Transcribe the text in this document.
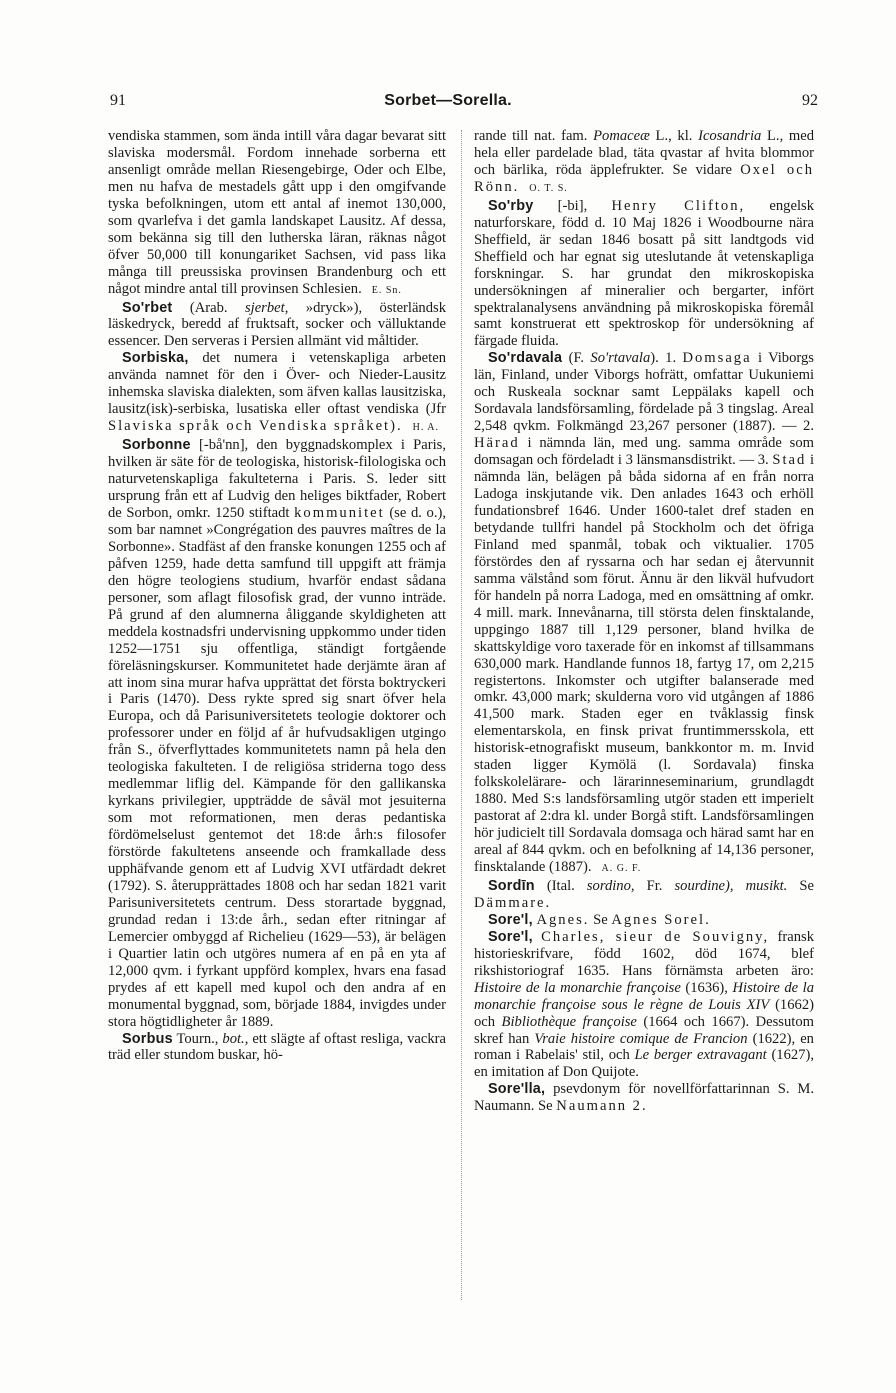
91	Sorbet—Sorella.	92

vendiska stammen, som ända intill våra dagar bevarat sitt slaviska modersmål. Fordom innehade sorberna ett ansenligt område mellan Riesengebirge, Oder och Elbe, men nu hafva de mestadels gått upp i den omgifvande tyska befolkningen, utom ett antal af inemot 130,000, som qvarlefva i det gamla landskapet Lausitz. Af dessa, som bekänna sig till den lutherska läran, räknas något öfver 50,000 till konungariket Sachsen, vid pass lika många till preussiska provinsen Brandenburg och ett något mindre antal till provinsen Schlesien. E. Sn.

So'rbet (Arab. sjerbet, »dryck»), österländsk läskedryck, beredd af fruktsaft, socker och välluktande essencer. Den serveras i Persien allmänt vid måltider.

Sorbiska, det numera i vetenskapliga arbeten använda namnet för den i Över- och Nieder-Lausitz inhemska slaviska dialekten, som äfven kallas lausitziska, lausitz(isk)-serbiska, lusatiska eller oftast vendiska (Jfr Slaviska språk och Vendiska språket). H. A.

Sorbonne [-bå'nn], den byggnadskomplex i Paris, hvilken är säte för de teologiska, historisk-filologiska och naturvetenskapliga fakulteterna i Paris. S. leder sitt ursprung från ett af Ludvig den heliges biktfader, Robert de Sorbon, omkr. 1250 stiftadt kommunitet (se d. o.), som bar namnet »Congrégation des pauvres maîtres de la Sorbonne». Stadfäst af den franske konungen 1255 och af påfven 1259, hade detta samfund till uppgift att främja den högre teologiens studium, hvarför endast sådana personer, som aflagt filosofisk grad, der vunno inträde. På grund af den alumnerna åliggande skyldigheten att meddela kostnadsfri undervisning uppkommo under tiden 1252—1751 sju offentliga, ständigt fortgående föreläsningskurser. Kommunitetet hade derjämte äran af att inom sina murar hafva upprättat det första boktryckeri i Paris (1470). Dess rykte spred sig snart öfver hela Europa, och då Parisuniversitetets teologie doktorer och professorer under en följd af år hufvudsakligen utgingo från S., öfverflyttades kommunitetets namn på hela den teologiska fakulteten. I de religiösa striderna togo dess medlemmar liflig del. Kämpande för den gallikanska kyrkans privilegier, uppträdde de såväl mot jesuiterna som mot reformationen, men deras pedantiska fördömelselust gentemot det 18:de årh:s filosofer förstörde fakultetens anseende och framkallade dess upphäfvande genom ett af Ludvig XVI utfärdadt dekret (1792). S. återupprättades 1808 och har sedan 1821 varit Parisuniversitetets centrum. Dess storartade byggnad, grundad redan i 13:de årh., sedan efter ritningar af Lemercier ombyggd af Richelieu (1629—53), är belägen i Quartier latin och utgöres numera af en på en yta af 12,000 qvm. i fyrkant uppförd komplex, hvars ena fasad prydes af ett kapell med kupol och den andra af en monumental byggnad, som, började 1884, invigdes under stora högtidligheter år 1889.

Sorbus Tourn., bot., ett slägte af oftast resliga, vackra träd eller stundom buskar, hö-

rande till nat. fam. Pomaceæ L., kl. Icosandria L., med hela eller pardelade blad, täta qvastar af hvita blommor och bärlika, röda äpplefrukter. Se vidare Oxel och Rönn. O. T. S.

So'rby [-bi], Henry Clifton, engelsk naturforskare, född d. 10 Maj 1826 i Woodbourne nära Sheffield, är sedan 1846 bosatt på sitt landtgods vid Sheffield och har egnat sig uteslutande åt vetenskapliga forskningar. S. har grundat den mikroskopiska undersökningen af mineralier och bergarter, infört spektralanalysens användning på mikroskopiska föremål samt konstruerat ett spektroskop för undersökning af färgade fluida.

So'rdavala (F. So'rtavala). 1. Domsaga i Viborgs län, Finland, under Viborgs hofrätt, omfattar Uukuniemi och Ruskeala socknar samt Leppälaks kapell och Sordavala landsförsamling, fördelade på 3 tingslag. Areal 2,548 qvkm. Folkmängd 23,267 personer (1887). — 2. Härad i nämnda län, med ung. samma område som domsagan och fördeladt i 3 länsmansdistrikt. — 3. Stad i nämnda län, belägen på båda sidorna af en från norra Ladoga inskjutande vik. Den anlades 1643 och erhöll fundationsbref 1646. Under 1600-talet dref staden en betydande tullfri handel på Stockholm och det öfriga Finland med spanmål, tobak och viktualier. 1705 förstördes den af ryssarna och har sedan ej återvunnit samma välstånd som förut. Ännu är den likväl hufvudort för handeln på norra Ladoga, med en omsättning af omkr. 4 mill. mark. Innevånarna, till största delen finsktalande, uppgingo 1887 till 1,129 personer, bland hvilka de skattskyldige voro taxerade för en inkomst af tillsammans 630,000 mark. Handlande funnos 18, fartyg 17, om 2,215 registertons. Inkomster och utgifter balanserade med omkr. 43,000 mark; skulderna voro vid utgången af 1886 41,500 mark. Staden eger en tvåklassig finsk elementarskola, en finsk privat fruntimmersskola, ett historisk-etnografiskt museum, bankkontor m. m. Invid staden ligger Kymölä (l. Sordavala) finska folkskolelärare- och lärarinneseminarium, grundlagdt 1880. Med S:s landsförsamling utgör staden ett imperielt pastorat af 2:dra kl. under Borgå stift. Landsförsamlingen hör judicielt till Sordavala domsaga och härad samt har en areal af 844 qvkm. och en befolkning af 14,136 personer, finsktalande (1887). A. G. F.

Sordīn (Ital. sordino, Fr. sourdine), musikt. Se Dämmare.

Sore'l, Agnes. Se Agnes Sorel.

Sore'l, Charles, sieur de Souvigny, fransk historieskrifvare, född 1602, död 1674, blef rikshistoriograf 1635. Hans förnämsta arbeten äro: Histoire de la monarchie françoise (1636), Histoire de la monarchie françoise sous le règne de Louis XIV (1662) och Bibliothèque françoise (1664 och 1667). Dessutom skref han Vraie histoire comique de Francion (1622), en roman i Rabelais' stil, och Le berger extravagant (1627), en imitation af Don Quijote.

Sore'lla, psevdonym för novellförfattarinnan S. M. Naumann. Se Naumann 2.
